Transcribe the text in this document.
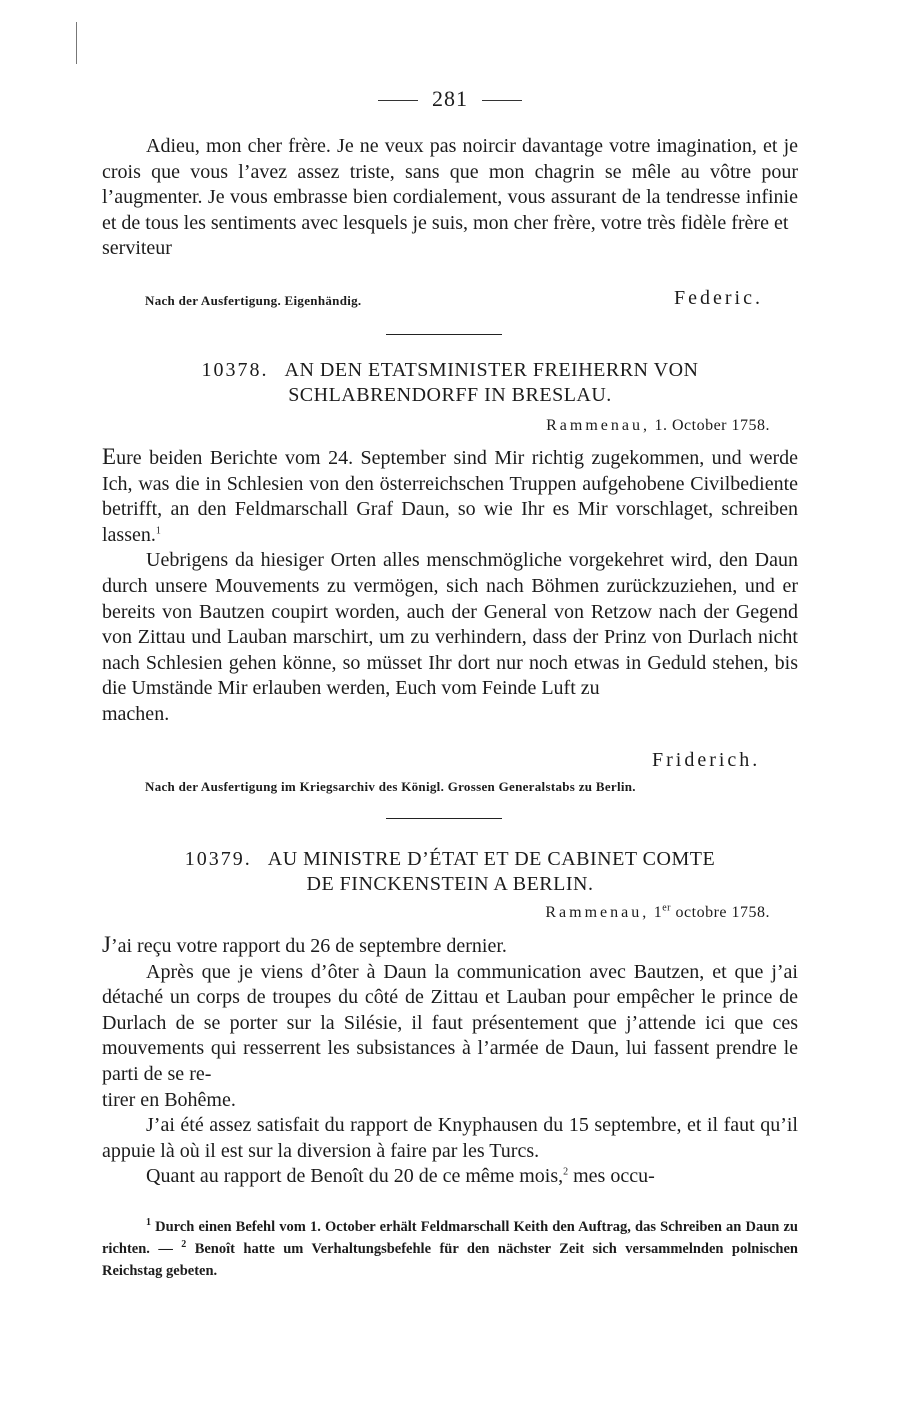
281

Adieu, mon cher frère. Je ne veux pas noircir davantage votre imagination, et je crois que vous l’avez assez triste, sans que mon chagrin se mêle au vôtre pour l’augmenter. Je vous embrasse bien cordialement, vous assurant de la tendresse infinie et de tous les sentiments avec lesquels je suis, mon cher frère, votre très fidèle frère et

serviteur

Nach der Ausfertigung. Eigenhändig.	Federic.
10378. AN DEN ETATSMINISTER FREIHERRN VON
SCHLABRENDORFF IN BRESLAU.
Rammenau, 1. October 1758.

Eure beiden Berichte vom 24. September sind Mir richtig zugekommen, und werde Ich, was die in Schlesien von den österreichschen Truppen aufgehobene Civilbediente betrifft, an den Feldmarschall Graf Daun, so wie Ihr es Mir vorschlaget, schreiben lassen.$^1$

Uebrigens da hiesiger Orten alles menschmögliche vorgekehret wird, den Daun durch unsere Mouvements zu vermögen, sich nach Böhmen zurückzuziehen, und er bereits von Bautzen coupirt worden, auch der General von Retzow nach der Gegend von Zittau und Lauban marschirt, um zu verhindern, dass der Prinz von Durlach nicht nach Schlesien gehen könne, so müsset Ihr dort nur noch etwas in Geduld stehen, bis die Umstände Mir erlauben werden, Euch vom Feinde Luft zu

machen.

Friderich.
Nach der Ausfertigung im Kriegsarchiv des Königl. Grossen Generalstabs zu Berlin.
10379. AU MINISTRE D’ÉTAT ET DE CABINET COMTE
DE FINCKENSTEIN A BERLIN.
Rammenau, 1er octobre 1758.

J’ai reçu votre rapport du 26 de septembre dernier.

Après que je viens d’ôter à Daun la communication avec Bautzen, et que j’ai détaché un corps de troupes du côté de Zittau et Lauban pour empêcher le prince de Durlach de se porter sur la Silésie, il faut présentement que j’attende ici que ces mouvements qui resserrent les subsistances à l’armée de Daun, lui fassent prendre le parti de se re-

tirer en Bohême.

J’ai été assez satisfait du rapport de Knyphausen du 15 septembre, et il faut qu’il appuie là où il est sur la diversion à faire par les Turcs.

Quant au rapport de Benoît du 20 de ce même mois,$^2$ mes occu-

$^1$ Durch einen Befehl vom 1. October erhält Feldmarschall Keith den Auftrag, das Schreiben an Daun zu richten. — $^2$ Benoît hatte um Verhaltungsbefehle für den nächster Zeit sich versammelnden polnischen Reichstag gebeten.
